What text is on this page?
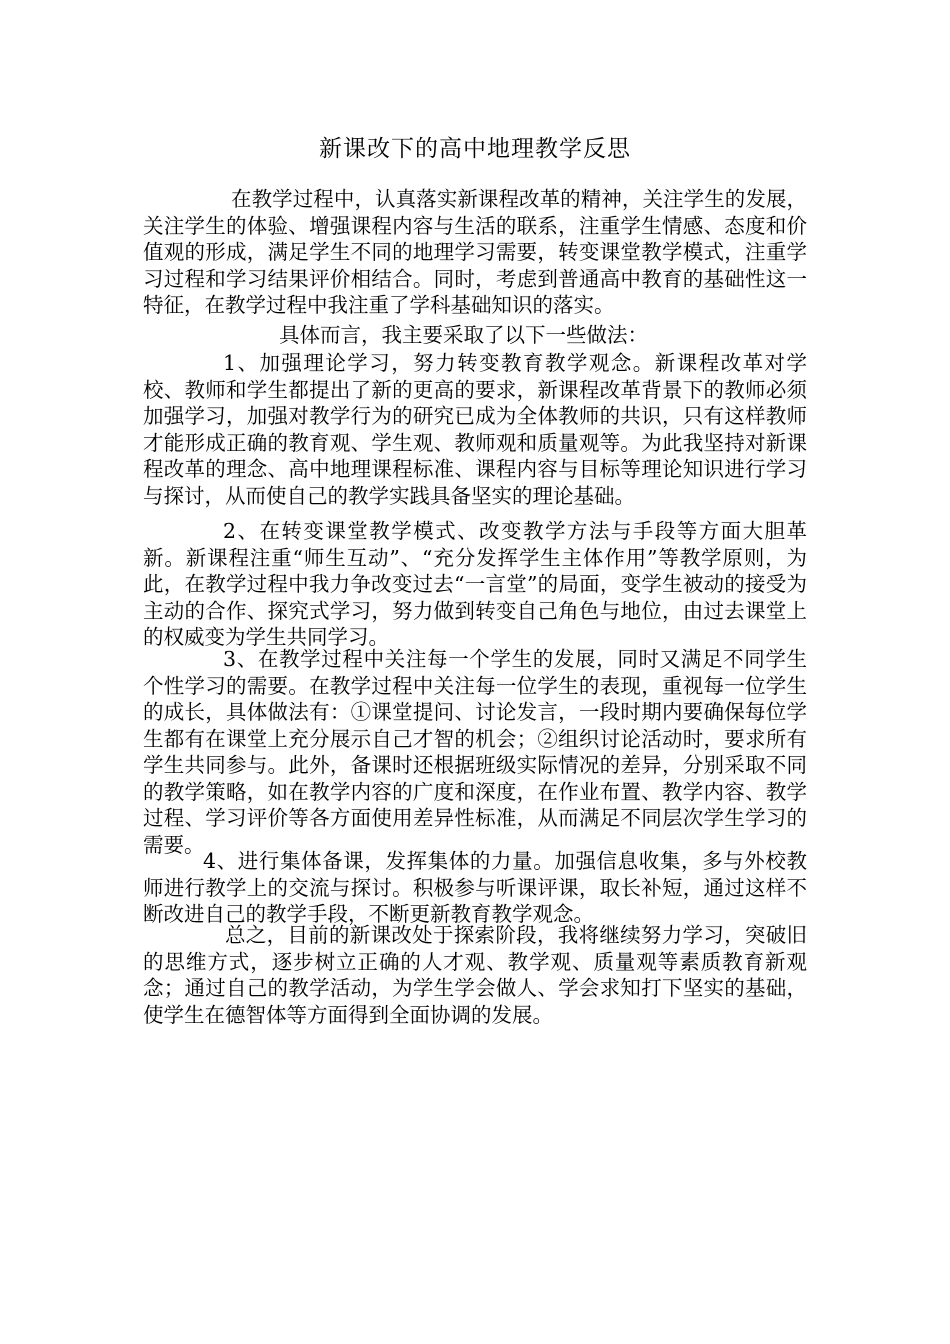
新课改下的高中地理教学反思

在教学过程中，认真落实新课程改革的精神，关注学生的发展，关注学生的体验、增强课程内容与生活的联系，注重学生情感、态度和价值观的形成，满足学生不同的地理学习需要，转变课堂教学模式，注重学习过程和学习结果评价相结合。同时，考虑到普通高中教育的基础性这一特征，在教学过程中我注重了学科基础知识的落实。

具体而言，我主要采取了以下一些做法：

1、加强理论学习，努力转变教育教学观念。新课程改革对学校、教师和学生都提出了新的更高的要求，新课程改革背景下的教师必须加强学习，加强对教学行为的研究已成为全体教师的共识，只有这样教师才能形成正确的教育观、学生观、教师观和质量观等。为此我坚持对新课程改革的理念、高中地理课程标准、课程内容与目标等理论知识进行学习与探讨，从而使自己的教学实践具备坚实的理论基础。

2、在转变课堂教学模式、改变教学方法与手段等方面大胆革新。新课程注重“师生互动”、“充分发挥学生主体作用”等教学原则，为此，在教学过程中我力争改变过去“一言堂”的局面，变学生被动的接受为主动的合作、探究式学习，努力做到转变自己角色与地位，由过去课堂上的权威变为学生共同学习。

3、在教学过程中关注每一个学生的发展，同时又满足不同学生个性学习的需要。在教学过程中关注每一位学生的表现，重视每一位学生的成长，具体做法有：①课堂提问、讨论发言，一段时期内要确保每位学生都有在课堂上充分展示自己才智的机会；②组织讨论活动时，要求所有学生共同参与。此外，备课时还根据班级实际情况的差异，分别采取不同的教学策略，如在教学内容的广度和深度，在作业布置、教学内容、教学过程、学习评价等各方面使用差异性标准，从而满足不同层次学生学习的需要。

4、进行集体备课，发挥集体的力量。加强信息收集，多与外校教师进行教学上的交流与探讨。积极参与听课评课，取长补短，通过这样不断改进自己的教学手段，不断更新教育教学观念。

总之，目前的新课改处于探索阶段，我将继续努力学习，突破旧的思维方式，逐步树立正确的人才观、教学观、质量观等素质教育新观念；通过自己的教学活动，为学生学会做人、学会求知打下坚实的基础，使学生在德智体等方面得到全面协调的发展。
